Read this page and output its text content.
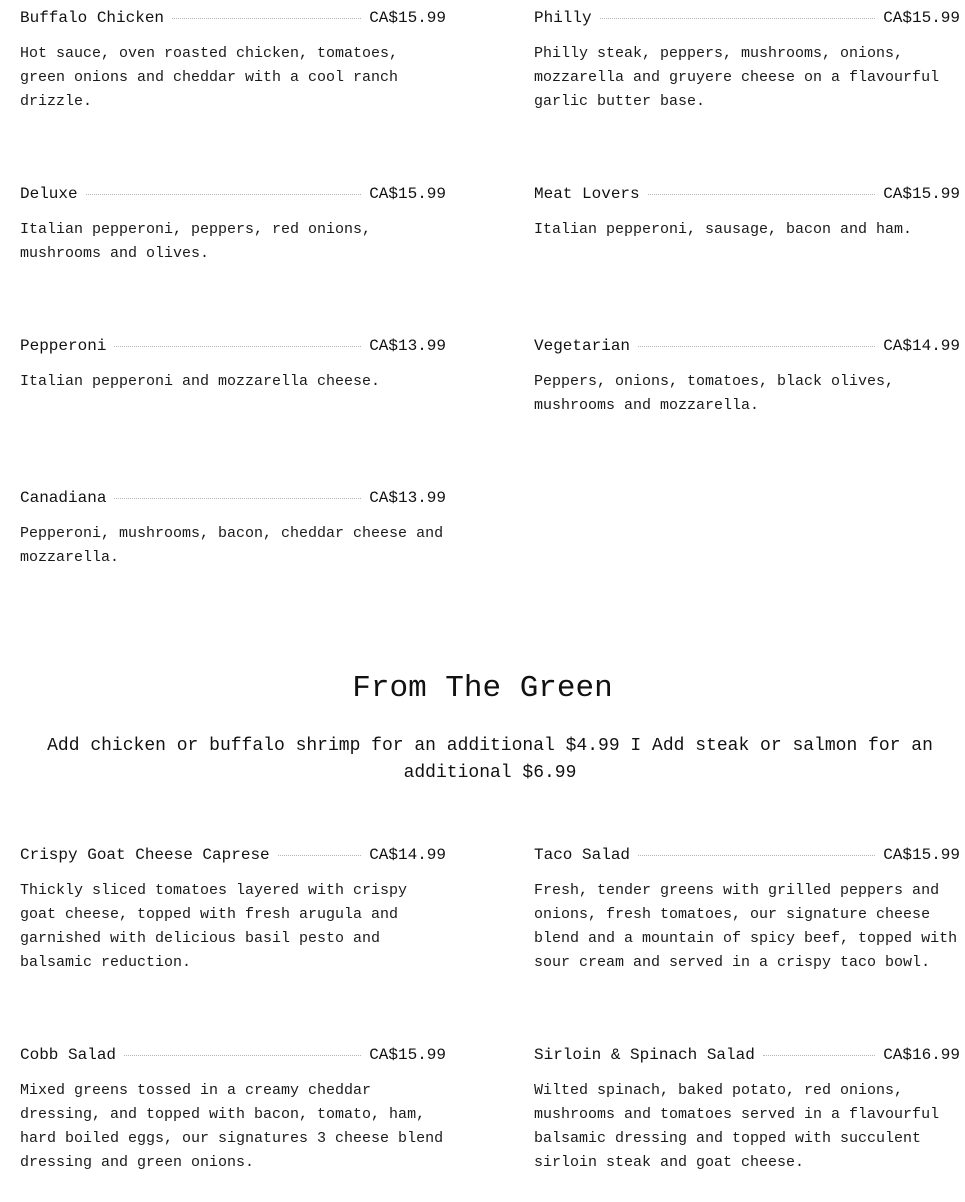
Buffalo Chicken	CA$15.99
Hot sauce, oven roasted chicken, tomatoes, green onions and cheddar with a cool ranch drizzle.
Philly	CA$15.99
Philly steak, peppers, mushrooms, onions, mozzarella and gruyere cheese on a flavourful garlic butter base.
Deluxe	CA$15.99
Italian pepperoni, peppers, red onions, mushrooms and olives.
Meat Lovers	CA$15.99
Italian pepperoni, sausage, bacon and ham.
Pepperoni	CA$13.99
Italian pepperoni and mozzarella cheese.
Vegetarian	CA$14.99
Peppers, onions, tomatoes, black olives, mushrooms and mozzarella.
Canadiana	CA$13.99
Pepperoni, mushrooms, bacon, cheddar cheese and mozzarella.
From The Green
Add chicken or buffalo shrimp for an additional $4.99 I Add steak or salmon for an additional $6.99
Crispy Goat Cheese Caprese	CA$14.99
Thickly sliced tomatoes layered with crispy goat cheese, topped with fresh arugula and garnished with delicious basil pesto and balsamic reduction.
Taco Salad	CA$15.99
Fresh, tender greens with grilled peppers and onions, fresh tomatoes, our signature cheese blend and a mountain of spicy beef, topped with sour cream and served in a crispy taco bowl.
Cobb Salad	CA$15.99
Mixed greens tossed in a creamy cheddar dressing, and topped with bacon, tomato, ham, hard boiled eggs, our signatures 3 cheese blend dressing and green onions.
Sirloin & Spinach Salad	CA$16.99
Wilted spinach, baked potato, red onions, mushrooms and tomatoes served in a flavourful balsamic dressing and topped with succulent sirloin steak and goat cheese.
